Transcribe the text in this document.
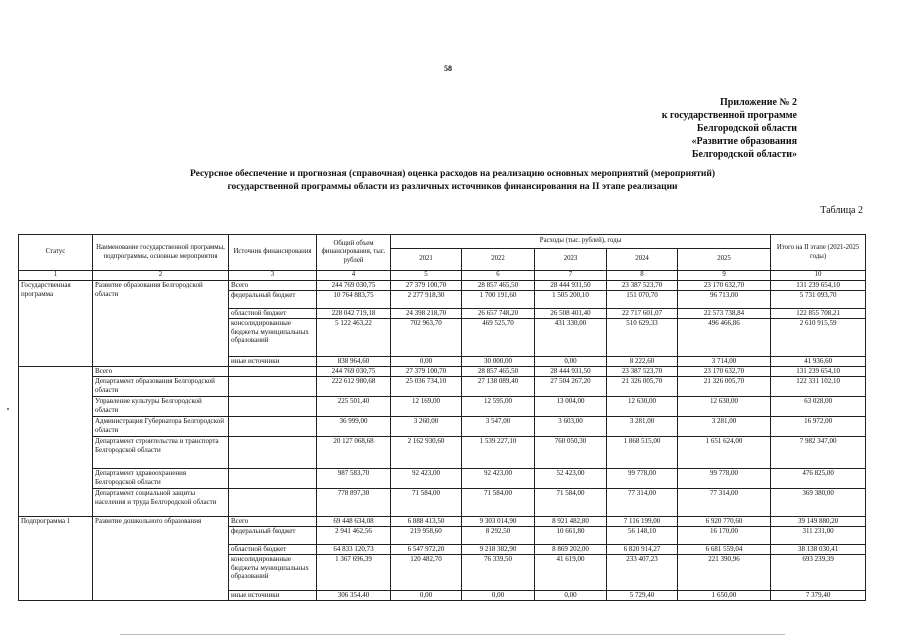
58
Приложение № 2
к государственной программе
Белгородской области
«Развитие образования
Белгородской области»
Ресурсное обеспечение и прогнозная (справочная) оценка расходов на реализацию основных мероприятий (мероприятий)
государственной программы области из различных источников финансирования на II этапе реализации
Таблица 2
Статус	Наименование государственной программы, подпрограммы, основные мероприятия	Источник финансирования	Общий объем финансирования, тыс. рублей	Расходы (тыс. рублей), годы					Итого на II этапе (2021-2025 годы)
				2021	2022	2023	2024	2025	
1	2	3	4	5	6	7	8	9	10
Государственная программа	Развитие образования Белгородской области	Всего	244 769 030,75	27 379 100,70	28 857 465,50	28 444 931,50	23 387 523,70	23 170 632,70	131 239 654,10
		федеральный бюджет	10 764 883,75	2 277 918,30	1 700 191,60	1 505 200,10	151 070,70	96 713,00	5 731 093,70
		областной бюджет	228 042 719,18	24 398 218,70	26 657 748,20	26 508 401,40	22 717 601,07	22 573 738,84	122 855 708,21
		консолидированные бюджеты муниципальных образований	5 122 463,22	702 963,70	469 525,70	431 330,00	510 629,33	496 466,86	2 610 915,59
		иные источники	838 964,60	0,00	30 000,00	0,00	8 222,60	3 714,00	41 936,60
	Всего		244 769 030,75	27 379 100,70	28 857 465,50	28 444 931,50	23 387 523,70	23 170 632,70	131 239 654,10
	Департамент образования Белгородской области		222 612 980,68	25 036 734,10	27 138 089,40	27 504 267,20	21 326 005,70	21 326 005,70	122 331 102,10
	Управление культуры Белгородской области		225 501,40	12 169,00	12 595,00	13 004,00	12 630,00	12 630,00	63 028,00
	Администрация Губернатора Белгородской области		36 999,00	3 260,00	3 547,00	3 603,00	3 281,00	3 281,00	16 972,00
	Департамент строительства и транспорта Белгородской области		20 127 068,68	2 162 930,60	1 539 227,10	760 050,30	1 868 515,00	1 651 624,00	7 982 347,00
	Департамент здравоохранения Белгородской области		987 583,70	92 423,00	92 423,00	52 423,00	99 778,00	99 778,00	476 825,00
	Департамент социальной защиты населения и труда Белгородской области		778 897,30	71 584,00	71 584,00	71 584,00	77 314,00	77 314,00	369 380,00
Подпрограмма 1	Развитие дошкольного образования	Всего	69 448 634,08	6 888 413,50	9 303 014,90	8 921 482,80	7 116 199,00	6 920 770,60	39 149 880,20
		федеральный бюджет	2 941 462,56	219 958,60	8 292,50	10 661,80	56 148,10	16 170,00	311 231,00
		областной бюджет	64 833 120,73	6 547 972,20	9 218 382,90	8 869 202,00	6 820 914,27	6 681 559,04	38 138 030,41
		консолидированные бюджеты муниципальных образований	1 367 696,39	120 482,70	76 339,50	41 619,00	233 407,23	221 390,96	693 239,39
		иные источники	306 354,40	0,00	0,00	0,00	5 729,40	1 650,00	7 379,40
